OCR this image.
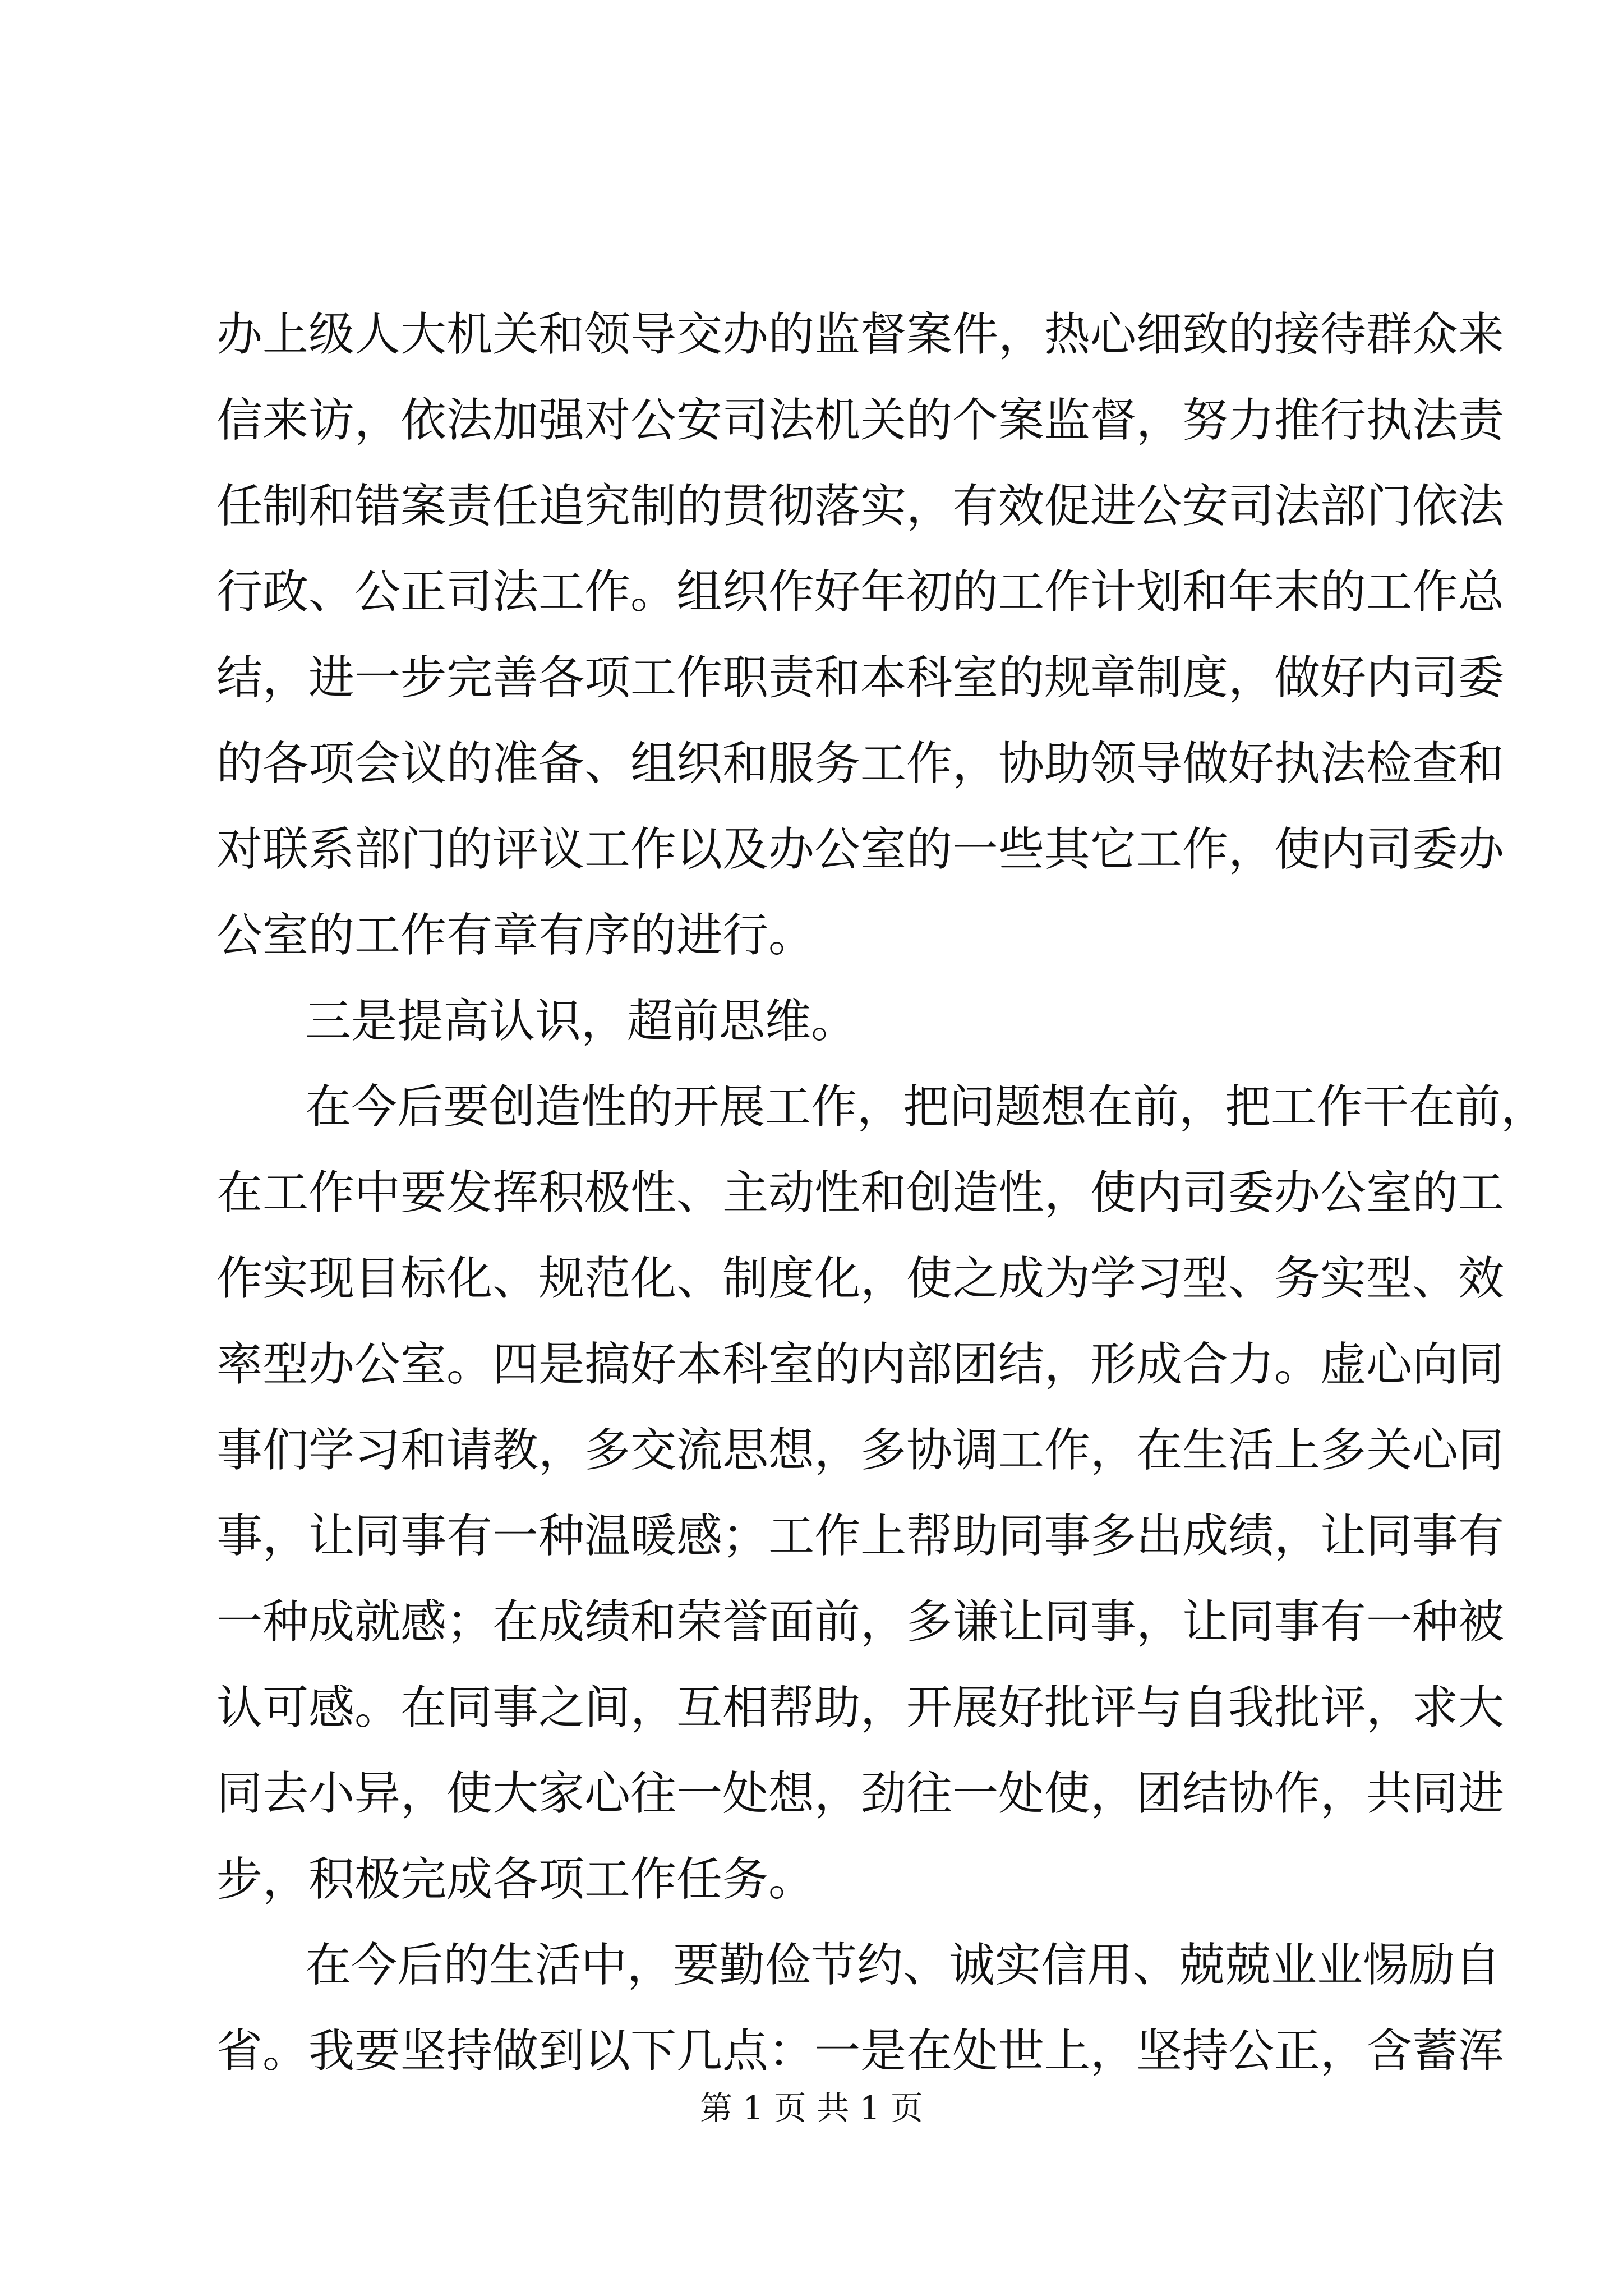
办上级人大机关和领导交办的监督案件，热心细致的接待群众来
信来访，依法加强对公安司法机关的个案监督，努力推行执法责
任制和错案责任追究制的贯彻落实，有效促进公安司法部门依法
行政、公正司法工作。组织作好年初的工作计划和年末的工作总
结，进一步完善各项工作职责和本科室的规章制度，做好内司委
的各项会议的准备、组织和服务工作，协助领导做好执法检查和
对联系部门的评议工作以及办公室的一些其它工作，使内司委办
公室的工作有章有序的进行。
三是提高认识，超前思维。
在今后要创造性的开展工作，把问题想在前，把工作干在前，
在工作中要发挥积极性、主动性和创造性，使内司委办公室的工
作实现目标化、规范化、制度化，使之成为学习型、务实型、效
率型办公室。四是搞好本科室的内部团结，形成合力。虚心向同
事们学习和请教，多交流思想，多协调工作，在生活上多关心同
事，让同事有一种温暖感；工作上帮助同事多出成绩，让同事有
一种成就感；在成绩和荣誉面前，多谦让同事，让同事有一种被
认可感。在同事之间，互相帮助，开展好批评与自我批评，求大
同去小异，使大家心往一处想，劲往一处使，团结协作，共同进
步，积极完成各项工作任务。
在今后的生活中，要勤俭节约、诚实信用、兢兢业业惕励自
省。我要坚持做到以下几点：一是在处世上，坚持公正，含蓄浑
第 1 页 共 1 页
